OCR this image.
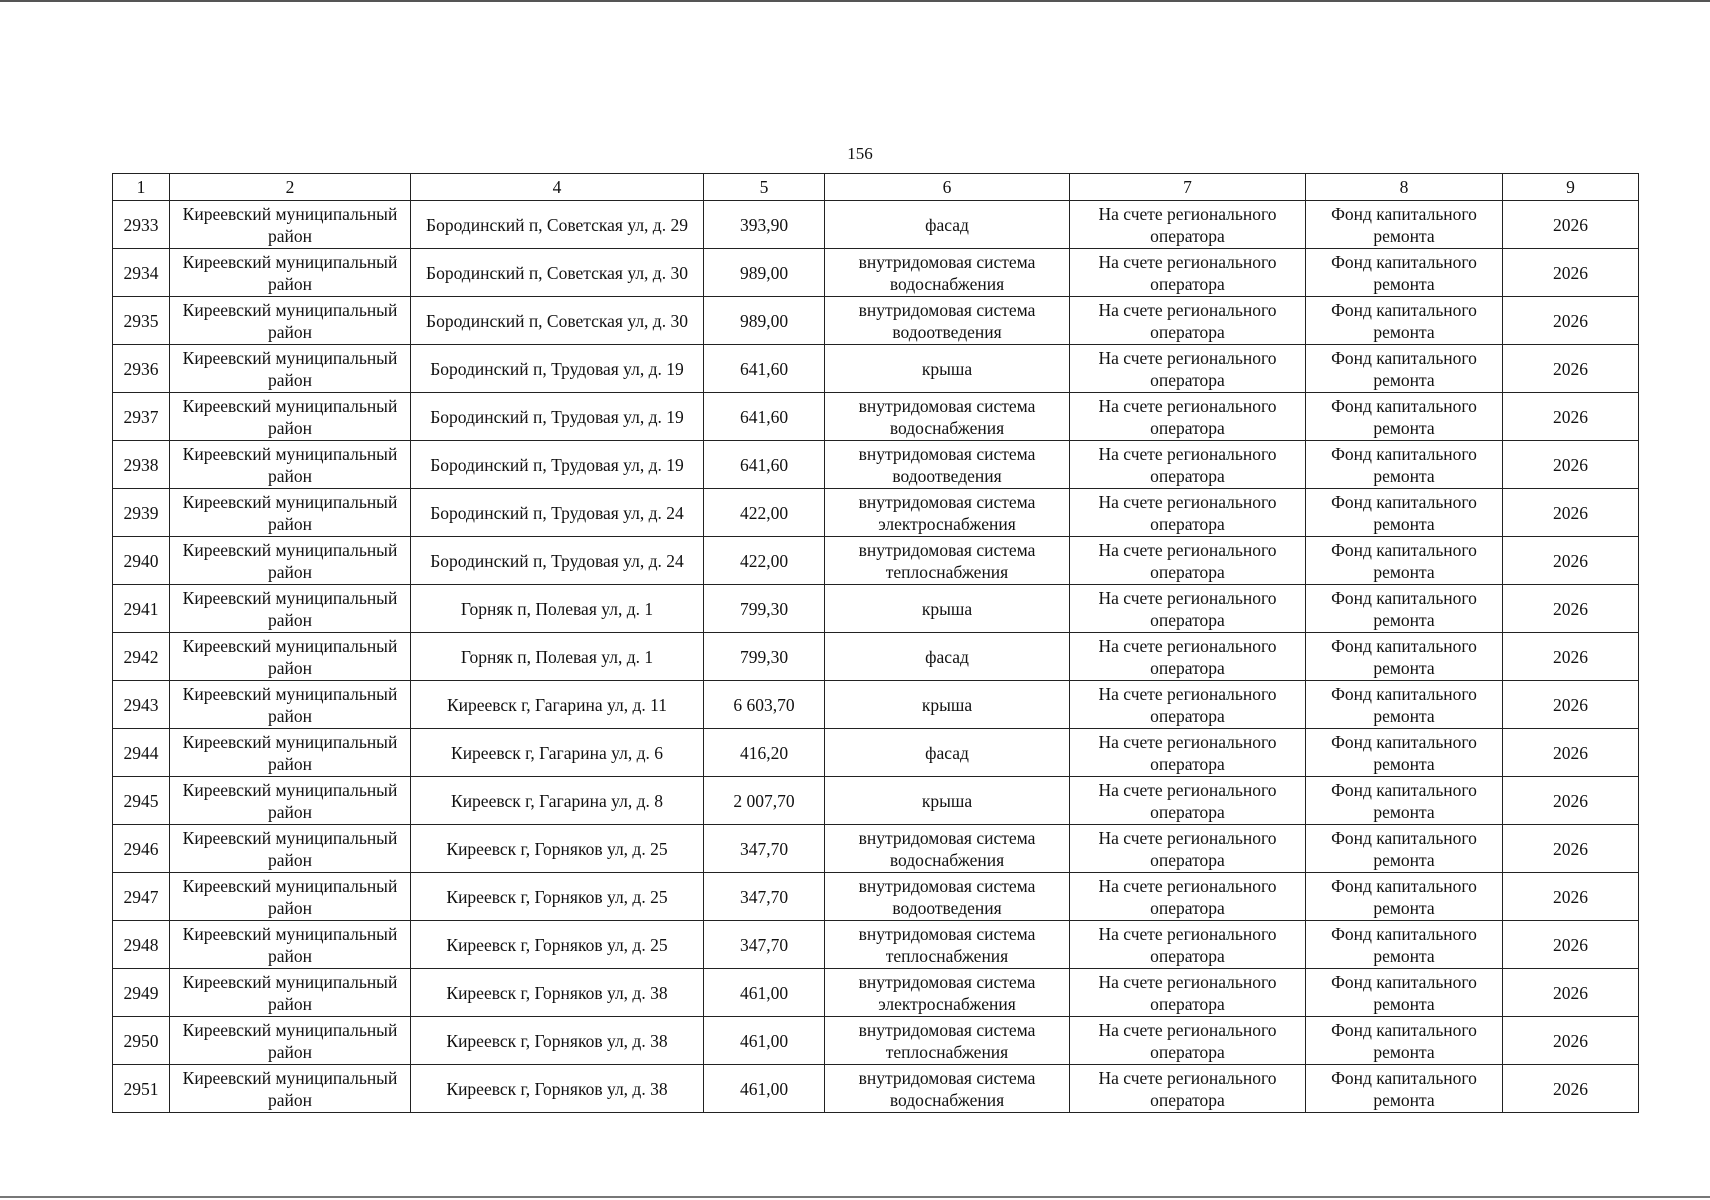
156
1	2	4	5	6	7	8	9

2933	Киреевский муниципальный район	Бородинский п, Советская ул, д. 29	393,90	фасад	На счете регионального оператора	Фонд капитального ремонта	2026

2934	Киреевский муниципальный район	Бородинский п, Советская ул, д. 30	989,00	внутридомовая система водоснабжения	На счете регионального оператора	Фонд капитального ремонта	2026

2935	Киреевский муниципальный район	Бородинский п, Советская ул, д. 30	989,00	внутридомовая система водоотведения	На счете регионального оператора	Фонд капитального ремонта	2026

2936	Киреевский муниципальный район	Бородинский п, Трудовая ул, д. 19	641,60	крыша	На счете регионального оператора	Фонд капитального ремонта	2026

2937	Киреевский муниципальный район	Бородинский п, Трудовая ул, д. 19	641,60	внутридомовая система водоснабжения	На счете регионального оператора	Фонд капитального ремонта	2026

2938	Киреевский муниципальный район	Бородинский п, Трудовая ул, д. 19	641,60	внутридомовая система водоотведения	На счете регионального оператора	Фонд капитального ремонта	2026

2939	Киреевский муниципальный район	Бородинский п, Трудовая ул, д. 24	422,00	внутридомовая система электроснабжения	На счете регионального оператора	Фонд капитального ремонта	2026

2940	Киреевский муниципальный район	Бородинский п, Трудовая ул, д. 24	422,00	внутридомовая система теплоснабжения	На счете регионального оператора	Фонд капитального ремонта	2026

2941	Киреевский муниципальный район	Горняк п, Полевая ул, д. 1	799,30	крыша	На счете регионального оператора	Фонд капитального ремонта	2026

2942	Киреевский муниципальный район	Горняк п, Полевая ул, д. 1	799,30	фасад	На счете регионального оператора	Фонд капитального ремонта	2026

2943	Киреевский муниципальный район	Киреевск г, Гагарина ул, д. 11	6 603,70	крыша	На счете регионального оператора	Фонд капитального ремонта	2026

2944	Киреевский муниципальный район	Киреевск г, Гагарина ул, д. 6	416,20	фасад	На счете регионального оператора	Фонд капитального ремонта	2026

2945	Киреевский муниципальный район	Киреевск г, Гагарина ул, д. 8	2 007,70	крыша	На счете регионального оператора	Фонд капитального ремонта	2026

2946	Киреевский муниципальный район	Киреевск г, Горняков ул, д. 25	347,70	внутридомовая система водоснабжения	На счете регионального оператора	Фонд капитального ремонта	2026

2947	Киреевский муниципальный район	Киреевск г, Горняков ул, д. 25	347,70	внутридомовая система водоотведения	На счете регионального оператора	Фонд капитального ремонта	2026

2948	Киреевский муниципальный район	Киреевск г, Горняков ул, д. 25	347,70	внутридомовая система теплоснабжения	На счете регионального оператора	Фонд капитального ремонта	2026

2949	Киреевский муниципальный район	Киреевск г, Горняков ул, д. 38	461,00	внутридомовая система электроснабжения	На счете регионального оператора	Фонд капитального ремонта	2026

2950	Киреевский муниципальный район	Киреевск г, Горняков ул, д. 38	461,00	внутридомовая система теплоснабжения	На счете регионального оператора	Фонд капитального ремонта	2026

2951	Киреевский муниципальный район	Киреевск г, Горняков ул, д. 38	461,00	внутридомовая система водоснабжения	На счете регионального оператора	Фонд капитального ремонта	2026
